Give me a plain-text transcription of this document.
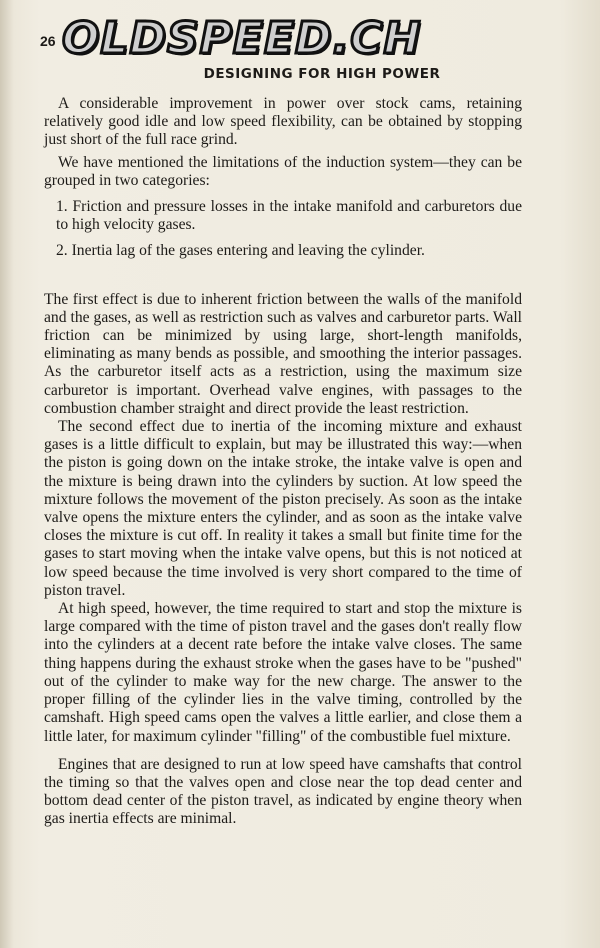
26 OLDSPEED.CH
DESIGNING FOR HIGH POWER

A considerable improvement in power over stock cams, retaining relatively good idle and low speed flexibility, can be obtained by stopping just short of the full race grind.

We have mentioned the limitations of the induction system—they can be grouped in two categories:

1. Friction and pressure losses in the intake manifold and carburetors due to high velocity gases.

2. Inertia lag of the gases entering and leaving the cylinder.

The first effect is due to inherent friction between the walls of the manifold and the gases, as well as restriction such as valves and carburetor parts. Wall friction can be minimized by using large, short-length manifolds, eliminating as many bends as possible, and smoothing the interior passages. As the carburetor itself acts as a restriction, using the maximum size carburetor is important. Overhead valve engines, with passages to the combustion chamber straight and direct provide the least restriction.

The second effect due to inertia of the incoming mixture and exhaust gases is a little difficult to explain, but may be illustrated this way:—when the piston is going down on the intake stroke, the intake valve is open and the mixture is being drawn into the cylinders by suction. At low speed the mixture follows the movement of the piston precisely. As soon as the intake valve opens the mixture enters the cylinder, and as soon as the intake valve closes the mixture is cut off. In reality it takes a small but finite time for the gases to start moving when the intake valve opens, but this is not noticed at low speed because the time involved is very short compared to the time of piston travel.

At high speed, however, the time required to start and stop the mixture is large compared with the time of piston travel and the gases don't really flow into the cylinders at a decent rate before the intake valve closes. The same thing happens during the exhaust stroke when the gases have to be "pushed" out of the cylinder to make way for the new charge. The answer to the proper filling of the cylinder lies in the valve timing, controlled by the camshaft. High speed cams open the valves a little earlier, and close them a little later, for maximum cylinder "filling" of the combustible fuel mixture.

Engines that are designed to run at low speed have camshafts that control the timing so that the valves open and close near the top dead center and bottom dead center of the piston travel, as indicated by engine theory when gas inertia effects are minimal.
